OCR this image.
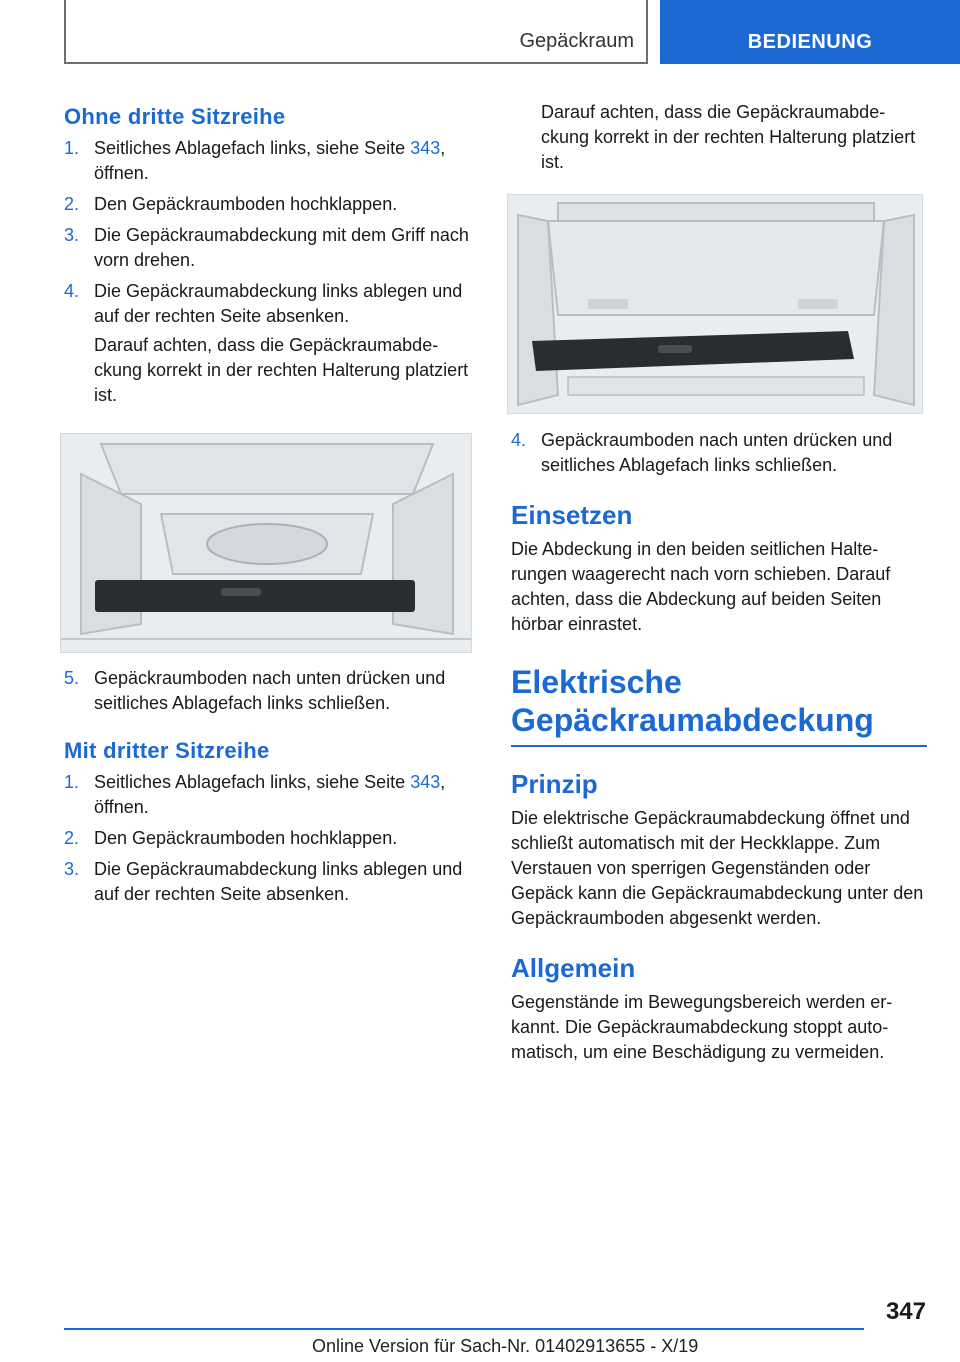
Gepäckraum	BEDIENUNG
Ohne dritte Sitzreihe
1. Seitliches Ablagefach links, siehe Seite 343, öffnen.
2. Den Gepäckraumboden hochklappen.
3. Die Gepäckraumabdeckung mit dem Griff nach vorn drehen.
4. Die Gepäckraumabdeckung links ablegen und auf der rechten Seite absenken.

Darauf achten, dass die Gepäckraumabdeckung korrekt in der rechten Halterung platziert ist.

5. Gepäckraumboden nach unten drücken und seitliches Ablagefach links schließen.
Mit dritter Sitzreihe
1. Seitliches Ablagefach links, siehe Seite 343, öffnen.
2. Den Gepäckraumboden hochklappen.
3. Die Gepäckraumabdeckung links ablegen und auf der rechten Seite absenken.

Darauf achten, dass die Gepäckraumabdeckung korrekt in der rechten Halterung platziert ist.

4. Gepäckraumboden nach unten drücken und seitliches Ablagefach links schließen.
Einsetzen

Die Abdeckung in den beiden seitlichen Halterungen waagerecht nach vorn schieben. Darauf achten, dass die Abdeckung auf beiden Seiten hörbar einrastet.

Elektrische Gepäckraumabdeckung
Prinzip

Die elektrische Gepäckraumabdeckung öffnet und schließt automatisch mit der Heckklappe. Zum Verstauen von sperrigen Gegenständen oder Gepäck kann die Gepäckraumabdeckung unter den Gepäckraumboden abgesenkt werden.

Allgemein

Gegenstände im Bewegungsbereich werden erkannt. Die Gepäckraumabdeckung stoppt automatisch, um eine Beschädigung zu vermeiden.

347
Online Version für Sach-Nr. 01402913655 - X/19
